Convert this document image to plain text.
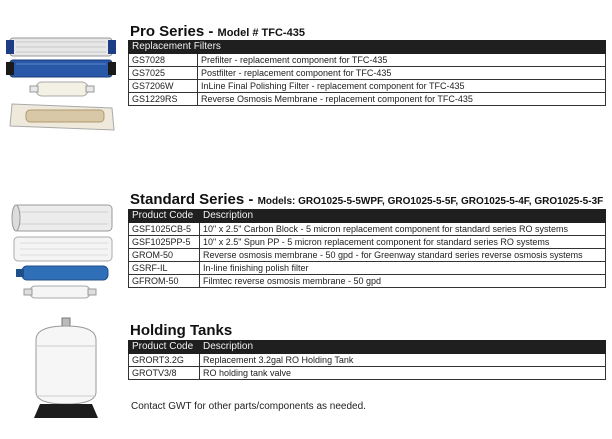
Pro Series - Model # TFC-435
Replacement Filters	
GS7028	Prefilter - replacement component for TFC-435
GS7025	Postfilter - replacement component for TFC-435
GS7206W	InLine Final Polishing Filter - replacement component for TFC-435
GS1229RS	Reverse Osmosis Membrane - replacement component for TFC-435
Standard Series - Models: GRO1025-5-5WPF, GRO1025-5-5F, GRO1025-5-4F, GRO1025-5-3F
Product Code	Description
GSF1025CB-5	10" x 2.5" Carbon Block - 5 micron replacement component for standard series RO systems
GSF1025PP-5	10" x 2.5" Spun PP - 5 micron replacement component for standard series RO systems
GROM-50	Reverse osmosis membrane - 50 gpd - for Greenway standard series reverse osmosis systems
GSRF-IL	In-line finishing polish filter
GFROM-50	Filmtec reverse osmosis membrane - 50 gpd
Holding Tanks
Product Code	Description
GRORT3.2G	Replacement 3.2gal RO Holding Tank
GROTV3/8	RO holding tank valve
Contact GWT for other parts/components as needed.
